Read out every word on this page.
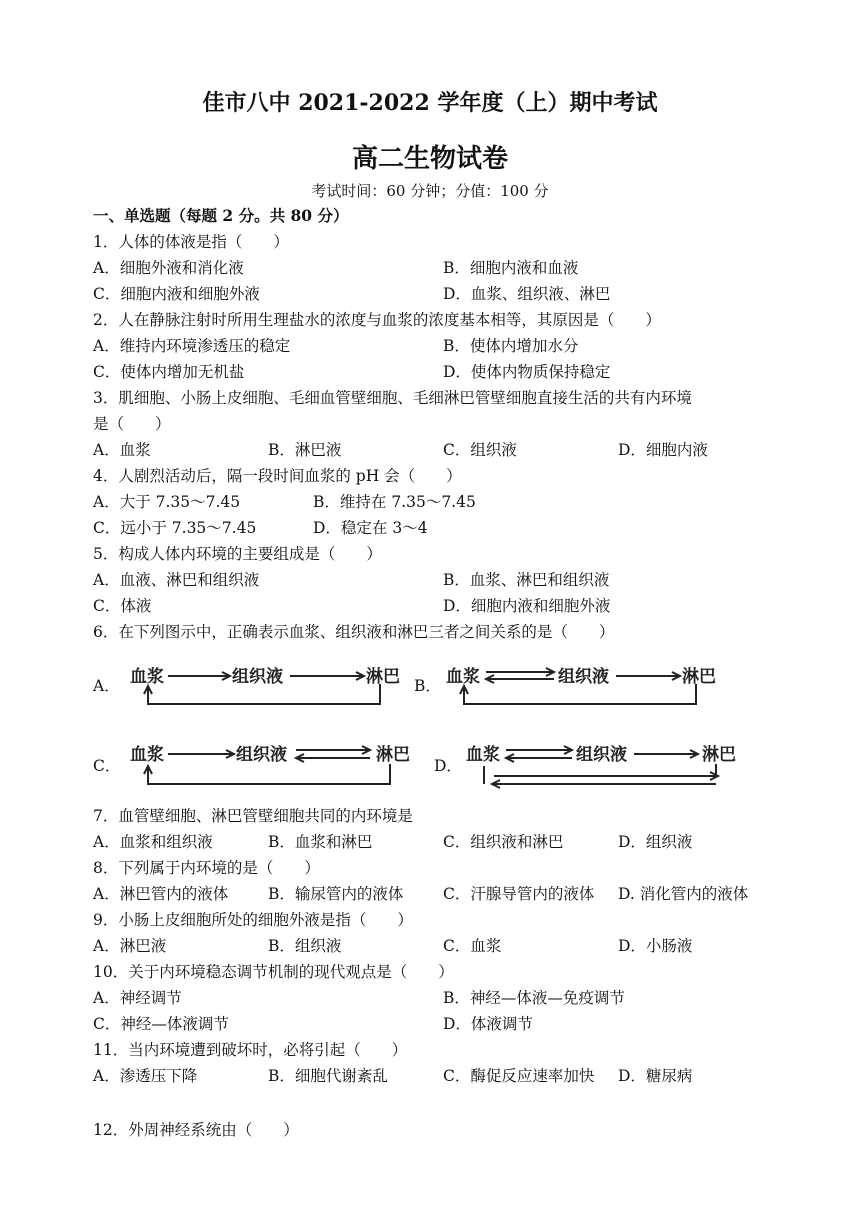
佳市八中 2021-2022 学年度（上）期中考试
高二生物试卷
考试时间：60 分钟；分值：100 分
一、单选题（每题 2 分。共 80 分）
1．人体的体液是指（　　）
A．细胞外液和消化液	B．细胞内液和血液
C．细胞内液和细胞外液	D．血浆、组织液、淋巴
2．人在静脉注射时所用生理盐水的浓度与血浆的浓度基本相等，其原因是（　　）
A．维持内环境渗透压的稳定	B．使体内增加水分
C．使体内增加无机盐	D．使体内物质保持稳定
3．肌细胞、小肠上皮细胞、毛细血管壁细胞、毛细淋巴管壁细胞直接生活的共有内环境
是（　　）
A．血浆	B．淋巴液	C．组织液	D．细胞内液
4．人剧烈活动后，隔一段时间血浆的 pH 会（　　）
A．大于 7.35～7.45	B．维持在 7.35～7.45
C．远小于 7.35～7.45	D．稳定在 3～4
5．构成人体内环境的主要组成是（　　）
A．血液、淋巴和组织液	B．血浆、淋巴和组织液
C．体液	D．细胞内液和细胞外液
6．在下列图示中，正确表示血浆、组织液和淋巴三者之间关系的是（　　）
A． 血浆	组织液	淋巴 B． 血浆	组织液	淋巴
C．
血浆	组织液	淋巴
D．
血浆	组织液	淋巴
7．血管壁细胞、淋巴管壁细胞共同的内环境是
A．血浆和组织液	B．血浆和淋巴	C．组织液和淋巴	D．组织液
8．下列属于内环境的是（　　）
A．淋巴管内的液体	B．输尿管内的液体	C．汗腺导管内的液体 D. 消化管内的液体
9．小肠上皮细胞所处的细胞外液是指（　　）
A．淋巴液	B．组织液	C．血浆	D．小肠液
10．关于内环境稳态调节机制的现代观点是（　　）
A．神经调节	B．神经—体液—免疫调节
C．神经—体液调节	D．体液调节
11．当内环境遭到破坏时，必将引起（　　）
A．渗透压下降	B．细胞代谢紊乱	C．酶促反应速率加快 D．糖尿病
12．外周神经系统由（　　）
